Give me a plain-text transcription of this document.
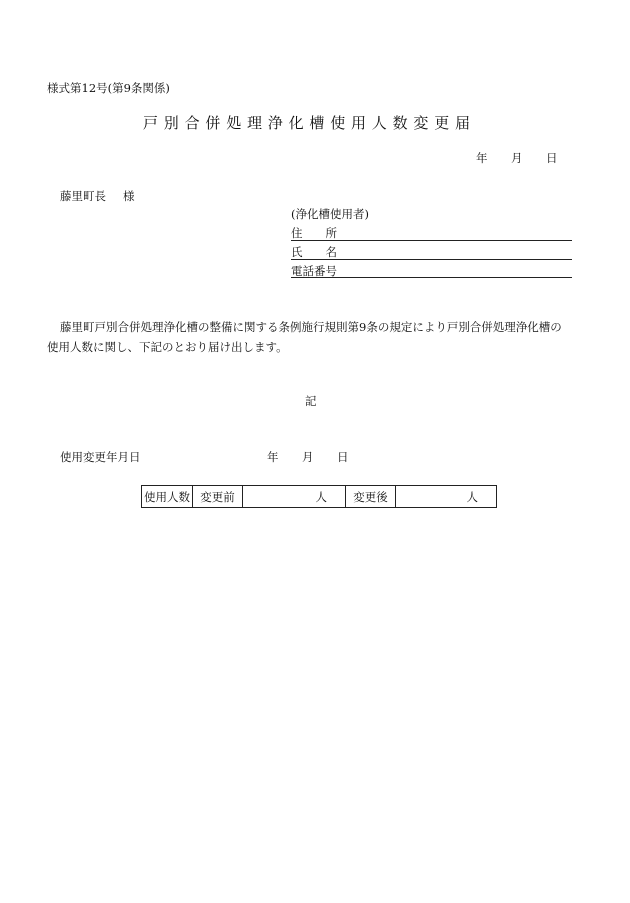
様式第12号(第9条関係)
戸別合併処理浄化槽使用人数変更届
年 月 日
藤里町長 様
(浄化槽使用者)
住　　所
氏　　名
電話番号
藤里町戸別合併処理浄化槽の整備に関する条例施行規則第9条の規定により戸別合併処理浄化槽の
使用人数に関し、下記のとおり届け出します。
記
使用変更年月日	年 月 日
使用人数	変更前	人	変更後	人
